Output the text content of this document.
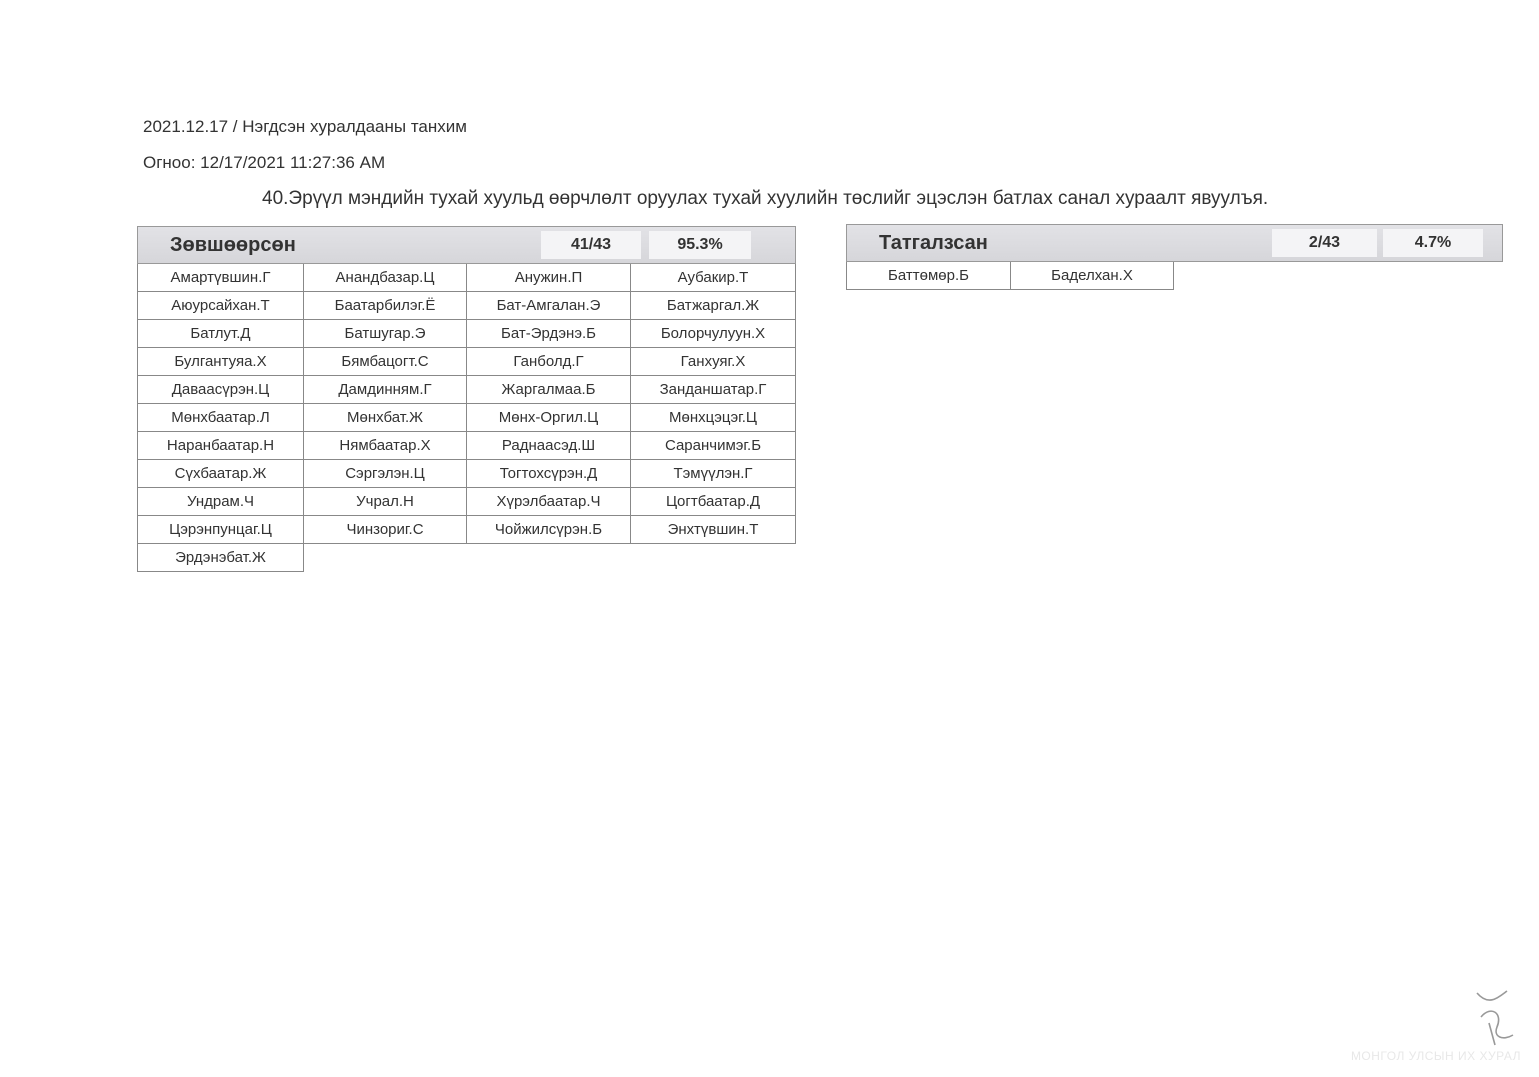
2021.12.17 / Нэгдсэн хуралдааны танхим
Огноо: 12/17/2021 11:27:36 AM
40.Эрүүл мэндийн тухай хуульд өөрчлөлт оруулах тухай хуулийн төслийг эцэслэн батлах санал хураалт явуулъя.
Зөвшөөрсөн	41/43	95.3%
Амартүвшин.Г	Анандбазар.Ц	Анужин.П	Аубакир.Т
Аюурсайхан.Т	Баатарбилэг.Ё	Бат-Амгалан.Э	Батжаргал.Ж
Батлут.Д	Батшугар.Э	Бат-Эрдэнэ.Б	Болорчулуун.Х
Булгантуяа.Х	Бямбацогт.С	Ганболд.Г	Ганхуяг.Х
Даваасүрэн.Ц	Дамдинням.Г	Жаргалмаа.Б	Занданшатар.Г
Мөнхбаатар.Л	Мөнхбат.Ж	Мөнх-Оргил.Ц	Мөнхцэцэг.Ц
Наранбаатар.Н	Нямбаатар.Х	Раднаасэд.Ш	Саранчимэг.Б
Сүхбаатар.Ж	Сэргэлэн.Ц	Тогтохсүрэн.Д	Тэмүүлэн.Г
Ундрам.Ч	Учрал.Н	Хүрэлбаатар.Ч	Цогтбаатар.Д
Цэрэнпунцаг.Ц	Чинзориг.С	Чойжилсүрэн.Б	Энхтүвшин.Т
Эрдэнэбат.Ж
Татгалзсан	2/43	4.7%
Баттөмөр.Б	Баделхан.Х
МОНГОЛ УЛСЫН ИХ ХУРАЛ
